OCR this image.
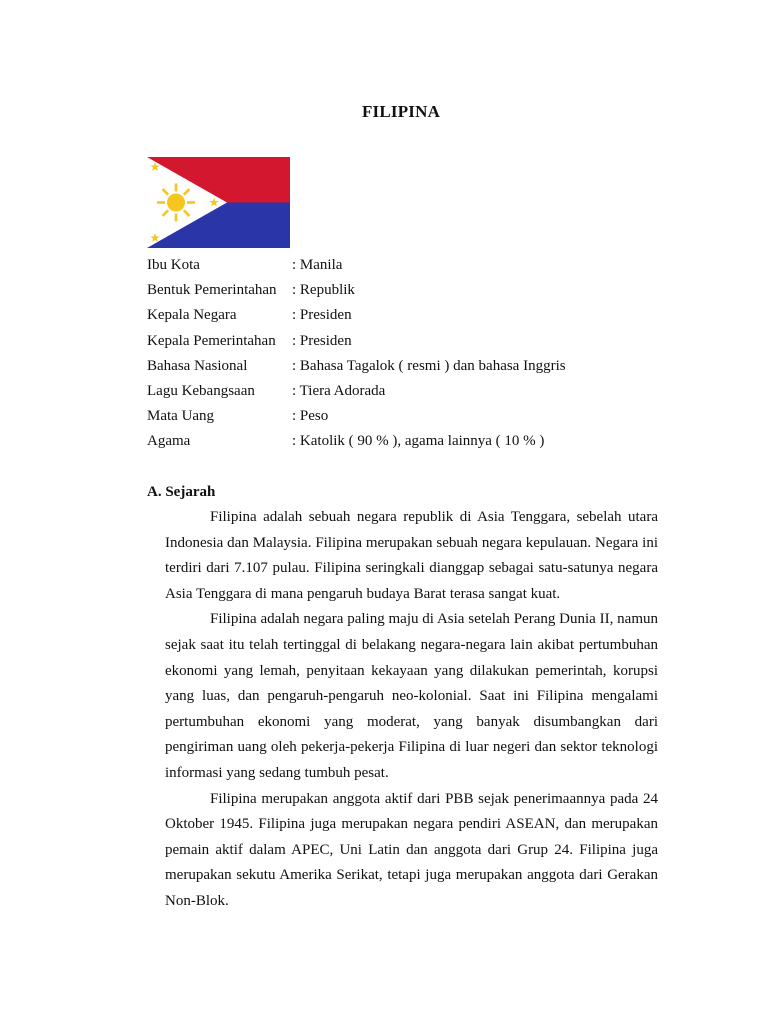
FILIPINA
Ibu Kota	: Manila
Bentuk Pemerintahan : Republik
Kepala Negara	: Presiden
Kepala Pemerintahan : Presiden
Bahasa Nasional	: Bahasa Tagalok ( resmi ) dan bahasa Inggris
Lagu Kebangsaan : Tiera Adorada
Mata Uang	: Peso
Agama	: Katolik ( 90 % ), agama lainnya ( 10 % )
A. Sejarah

Filipina adalah sebuah negara republik di Asia Tenggara, sebelah utara Indonesia dan Malaysia. Filipina merupakan sebuah negara kepulauan. Negara ini terdiri dari 7.107 pulau. Filipina seringkali dianggap sebagai satu-satunya negara Asia Tenggara di mana pengaruh budaya Barat terasa sangat kuat.

Filipina adalah negara paling maju di Asia setelah Perang Dunia II, namun sejak saat itu telah tertinggal di belakang negara-negara lain akibat pertumbuhan ekonomi yang lemah, penyitaan kekayaan yang dilakukan pemerintah, korupsi yang luas, dan pengaruh-pengaruh neo-kolonial. Saat ini Filipina mengalami pertumbuhan ekonomi yang moderat, yang banyak disumbangkan dari pengiriman uang oleh pekerja-pekerja Filipina di luar negeri dan sektor teknologi informasi yang sedang tumbuh pesat.

Filipina merupakan anggota aktif dari PBB sejak penerimaannya pada 24 Oktober 1945. Filipina juga merupakan negara pendiri ASEAN, dan merupakan pemain aktif dalam APEC, Uni Latin dan anggota dari Grup 24. Filipina juga merupakan sekutu Amerika Serikat, tetapi juga merupakan anggota dari Gerakan Non-Blok.
